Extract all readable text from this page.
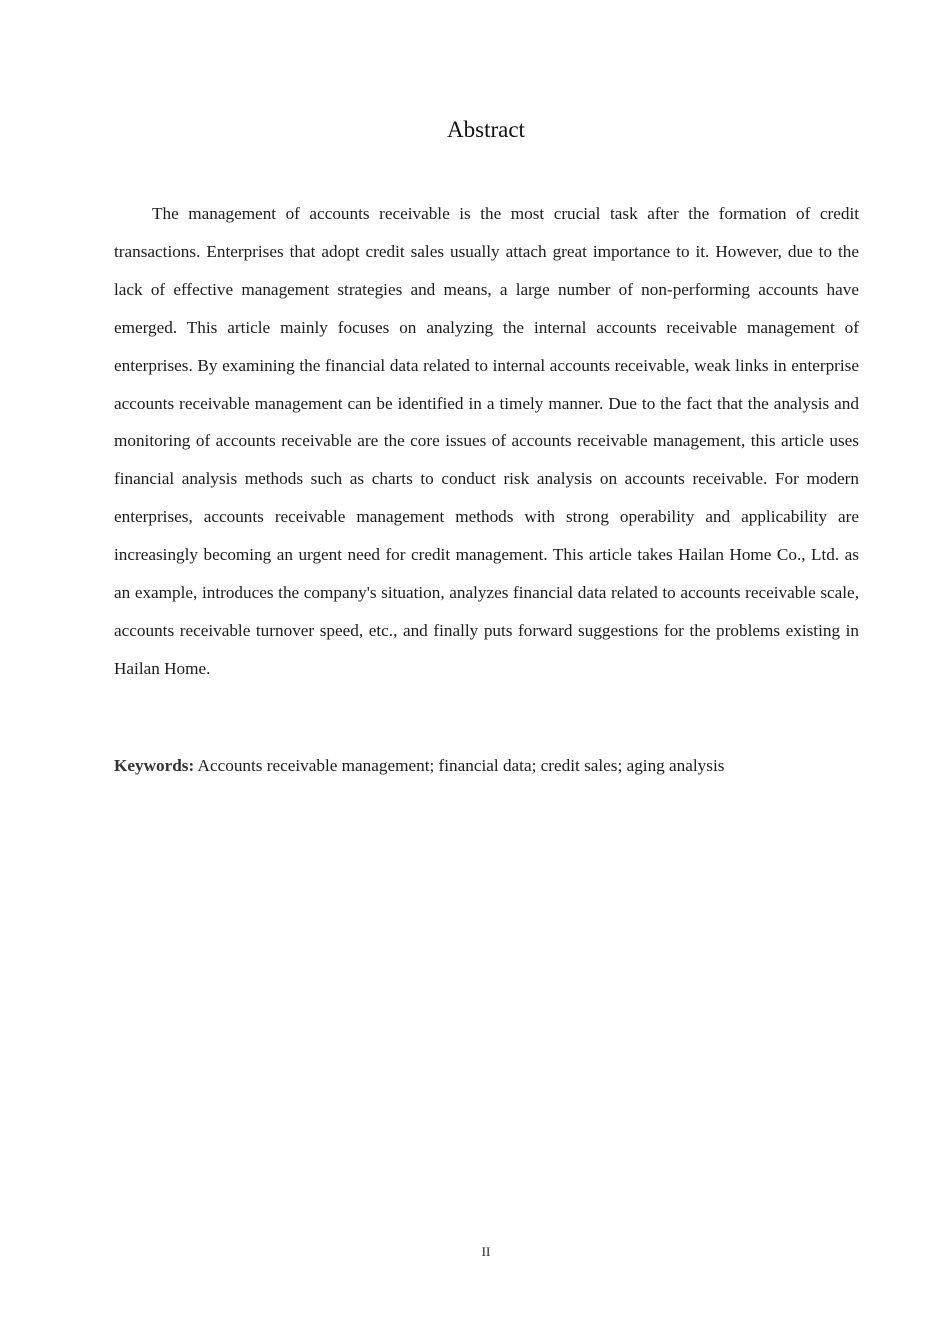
Abstract

The management of accounts receivable is the most crucial task after the formation of credit transactions. Enterprises that adopt credit sales usually attach great importance to it. However, due to the lack of effective management strategies and means, a large number of non-performing accounts have emerged. This article mainly focuses on analyzing the internal accounts receivable management of enterprises. By examining the financial data related to internal accounts receivable, weak links in enterprise accounts receivable management can be identified in a timely manner. Due to the fact that the analysis and monitoring of accounts receivable are the core issues of accounts receivable management, this article uses financial analysis methods such as charts to conduct risk analysis on accounts receivable. For modern enterprises, accounts receivable management methods with strong operability and applicability are increasingly becoming an urgent need for credit management. This article takes Hailan Home Co., Ltd. as an example, introduces the company's situation, analyzes financial data related to accounts receivable scale, accounts receivable turnover speed, etc., and finally puts forward suggestions for the problems existing in Hailan Home.

Keywords: Accounts receivable management; financial data; credit sales; aging analysis

II
